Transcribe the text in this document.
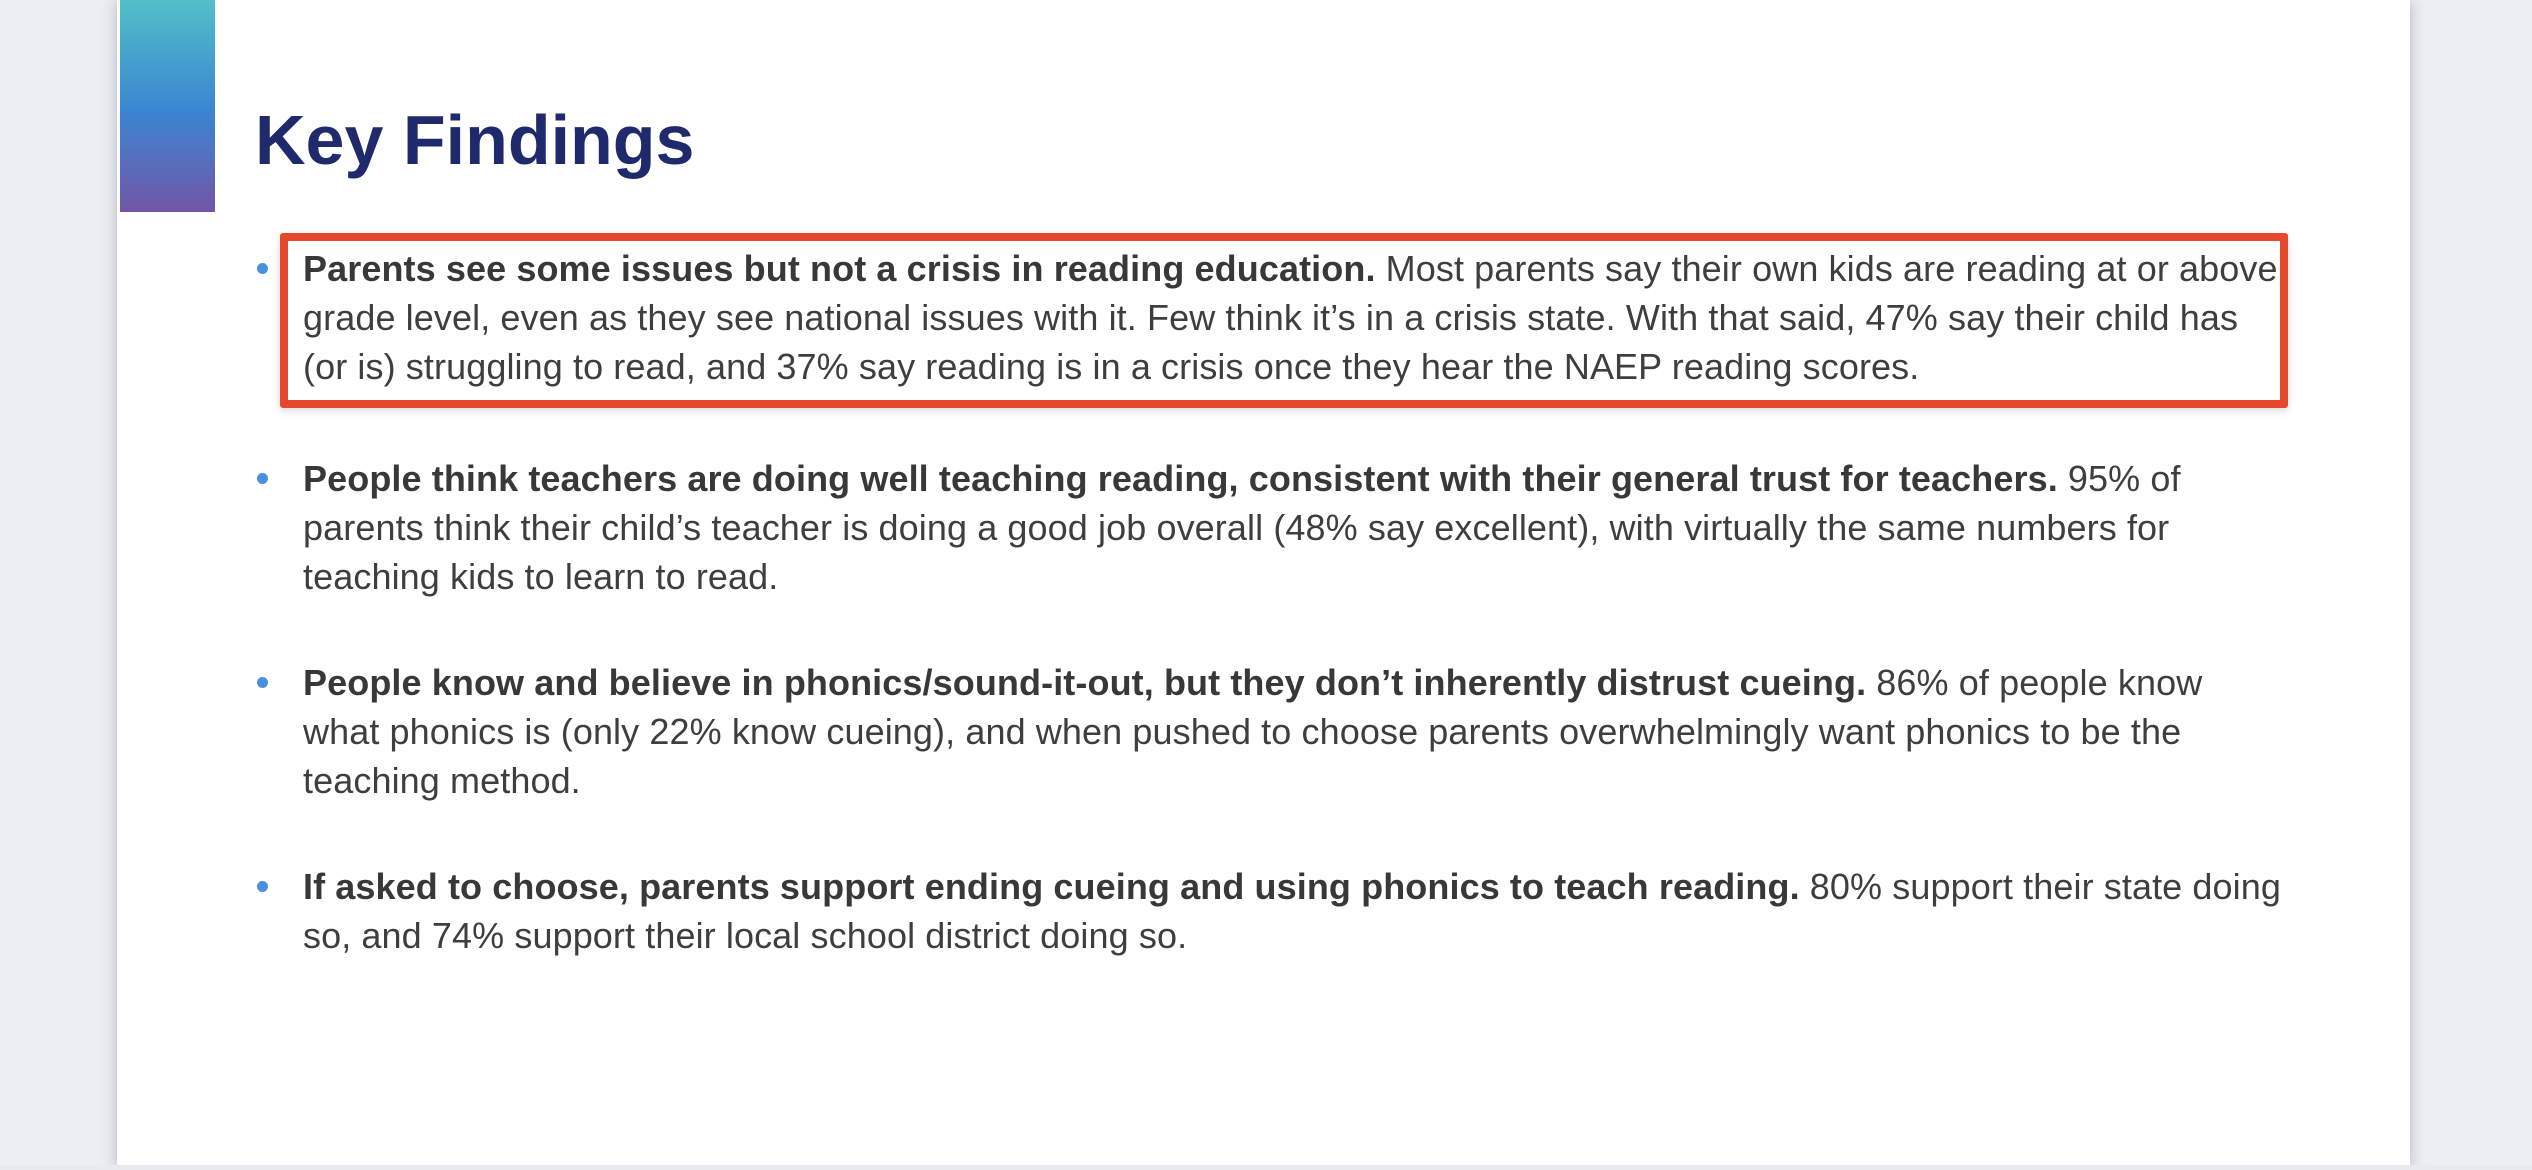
Key Findings
Parents see some issues but not a crisis in reading education. Most parents say their own kids are reading at or above grade level, even as they see national issues with it. Few think it’s in a crisis state. With that said, 47% say their child has (or is) struggling to read, and 37% say reading is in a crisis once they hear the NAEP reading scores.
People think teachers are doing well teaching reading, consistent with their general trust for teachers. 95% of parents think their child’s teacher is doing a good job overall (48% say excellent), with virtually the same numbers for teaching kids to learn to read.
People know and believe in phonics/sound-it-out, but they don’t inherently distrust cueing. 86% of people know what phonics is (only 22% know cueing), and when pushed to choose parents overwhelmingly want phonics to be the teaching method.
If asked to choose, parents support ending cueing and using phonics to teach reading. 80% support their state doing so, and 74% support their local school district doing so.
